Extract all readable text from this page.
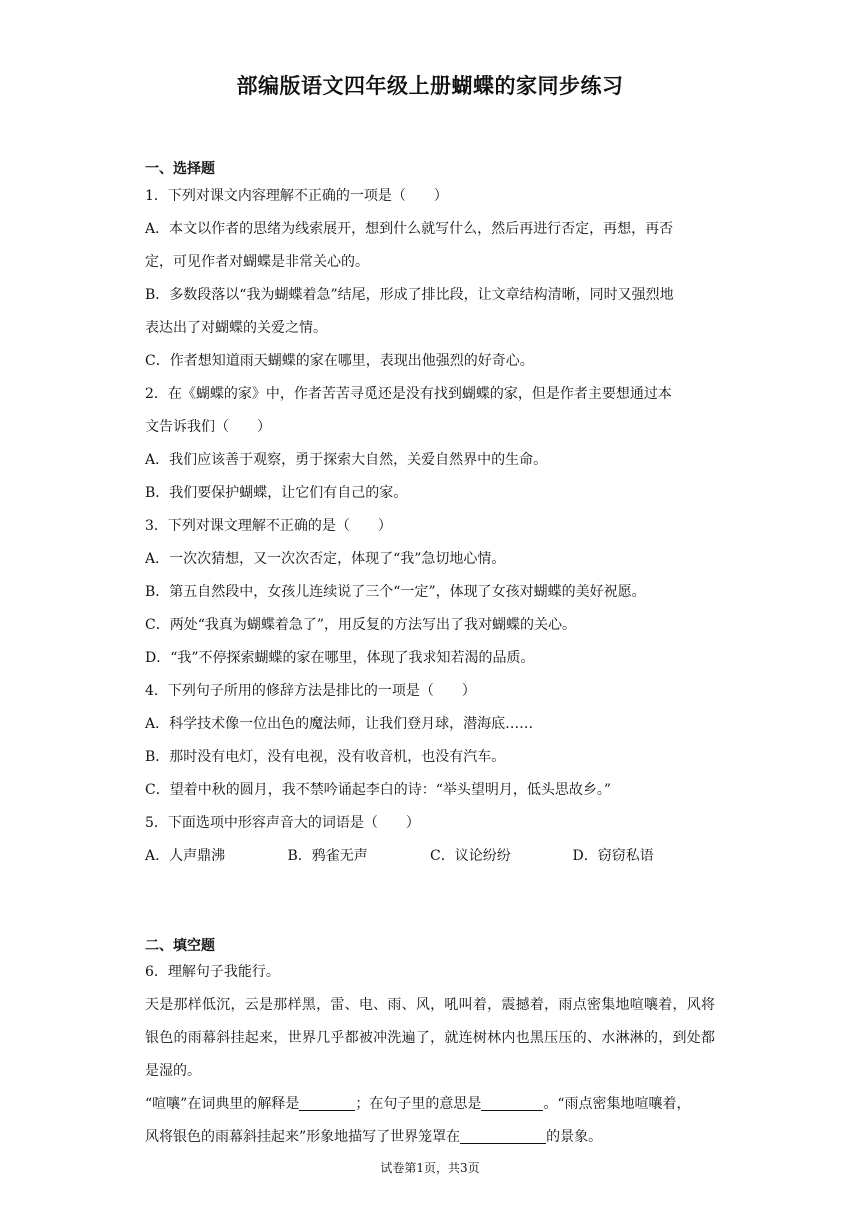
部编版语文四年级上册蝴蝶的家同步练习
一、选择题
1．下列对课文内容理解不正确的一项是（　　）
A．本文以作者的思绪为线索展开，想到什么就写什么，然后再进行否定，再想，再否
定，可见作者对蝴蝶是非常关心的。
B．多数段落以“我为蝴蝶着急”结尾，形成了排比段，让文章结构清晰，同时又强烈地
表达出了对蝴蝶的关爱之情。
C．作者想知道雨天蝴蝶的家在哪里，表现出他强烈的好奇心。
2．在《蝴蝶的家》中，作者苦苦寻觅还是没有找到蝴蝶的家，但是作者主要想通过本
文告诉我们（　　）
A．我们应该善于观察，勇于探索大自然，关爱自然界中的生命。
B．我们要保护蝴蝶，让它们有自己的家。
3．下列对课文理解不正确的是（　　）
A．一次次猜想，又一次次否定，体现了“我”急切地心情。
B．第五自然段中，女孩儿连续说了三个“一定”，体现了女孩对蝴蝶的美好祝愿。
C．两处“我真为蝴蝶着急了”，用反复的方法写出了我对蝴蝶的关心。
D．“我”不停探索蝴蝶的家在哪里，体现了我求知若渴的品质。
4．下列句子所用的修辞方法是排比的一项是（　　）
A．科学技术像一位出色的魔法师，让我们登月球，潜海底……
B．那时没有电灯，没有电视，没有收音机，也没有汽车。
C．望着中秋的圆月，我不禁吟诵起李白的诗：“举头望明月，低头思故乡。”
5．下面选项中形容声音大的词语是（　　）
A．人声鼎沸	B．鸦雀无声	C．议论纷纷	D．窃窃私语
二、填空题
6．理解句子我能行。
天是那样低沉，云是那样黑，雷、电、雨、风，吼叫着，震撼着，雨点密集地喧嚷着，风将银色的雨幕斜挂起来，世界几乎都被冲洗遍了，就连树林内也黑压压的、水淋淋的，到处都是湿的。
“喧嚷”在词典里的解释是	；在句子里的意思是	。“雨点密集地喧嚷着，
风将银色的雨幕斜挂起来”形象地描写了世界笼罩在	的景象。
试卷第1页，共3页
